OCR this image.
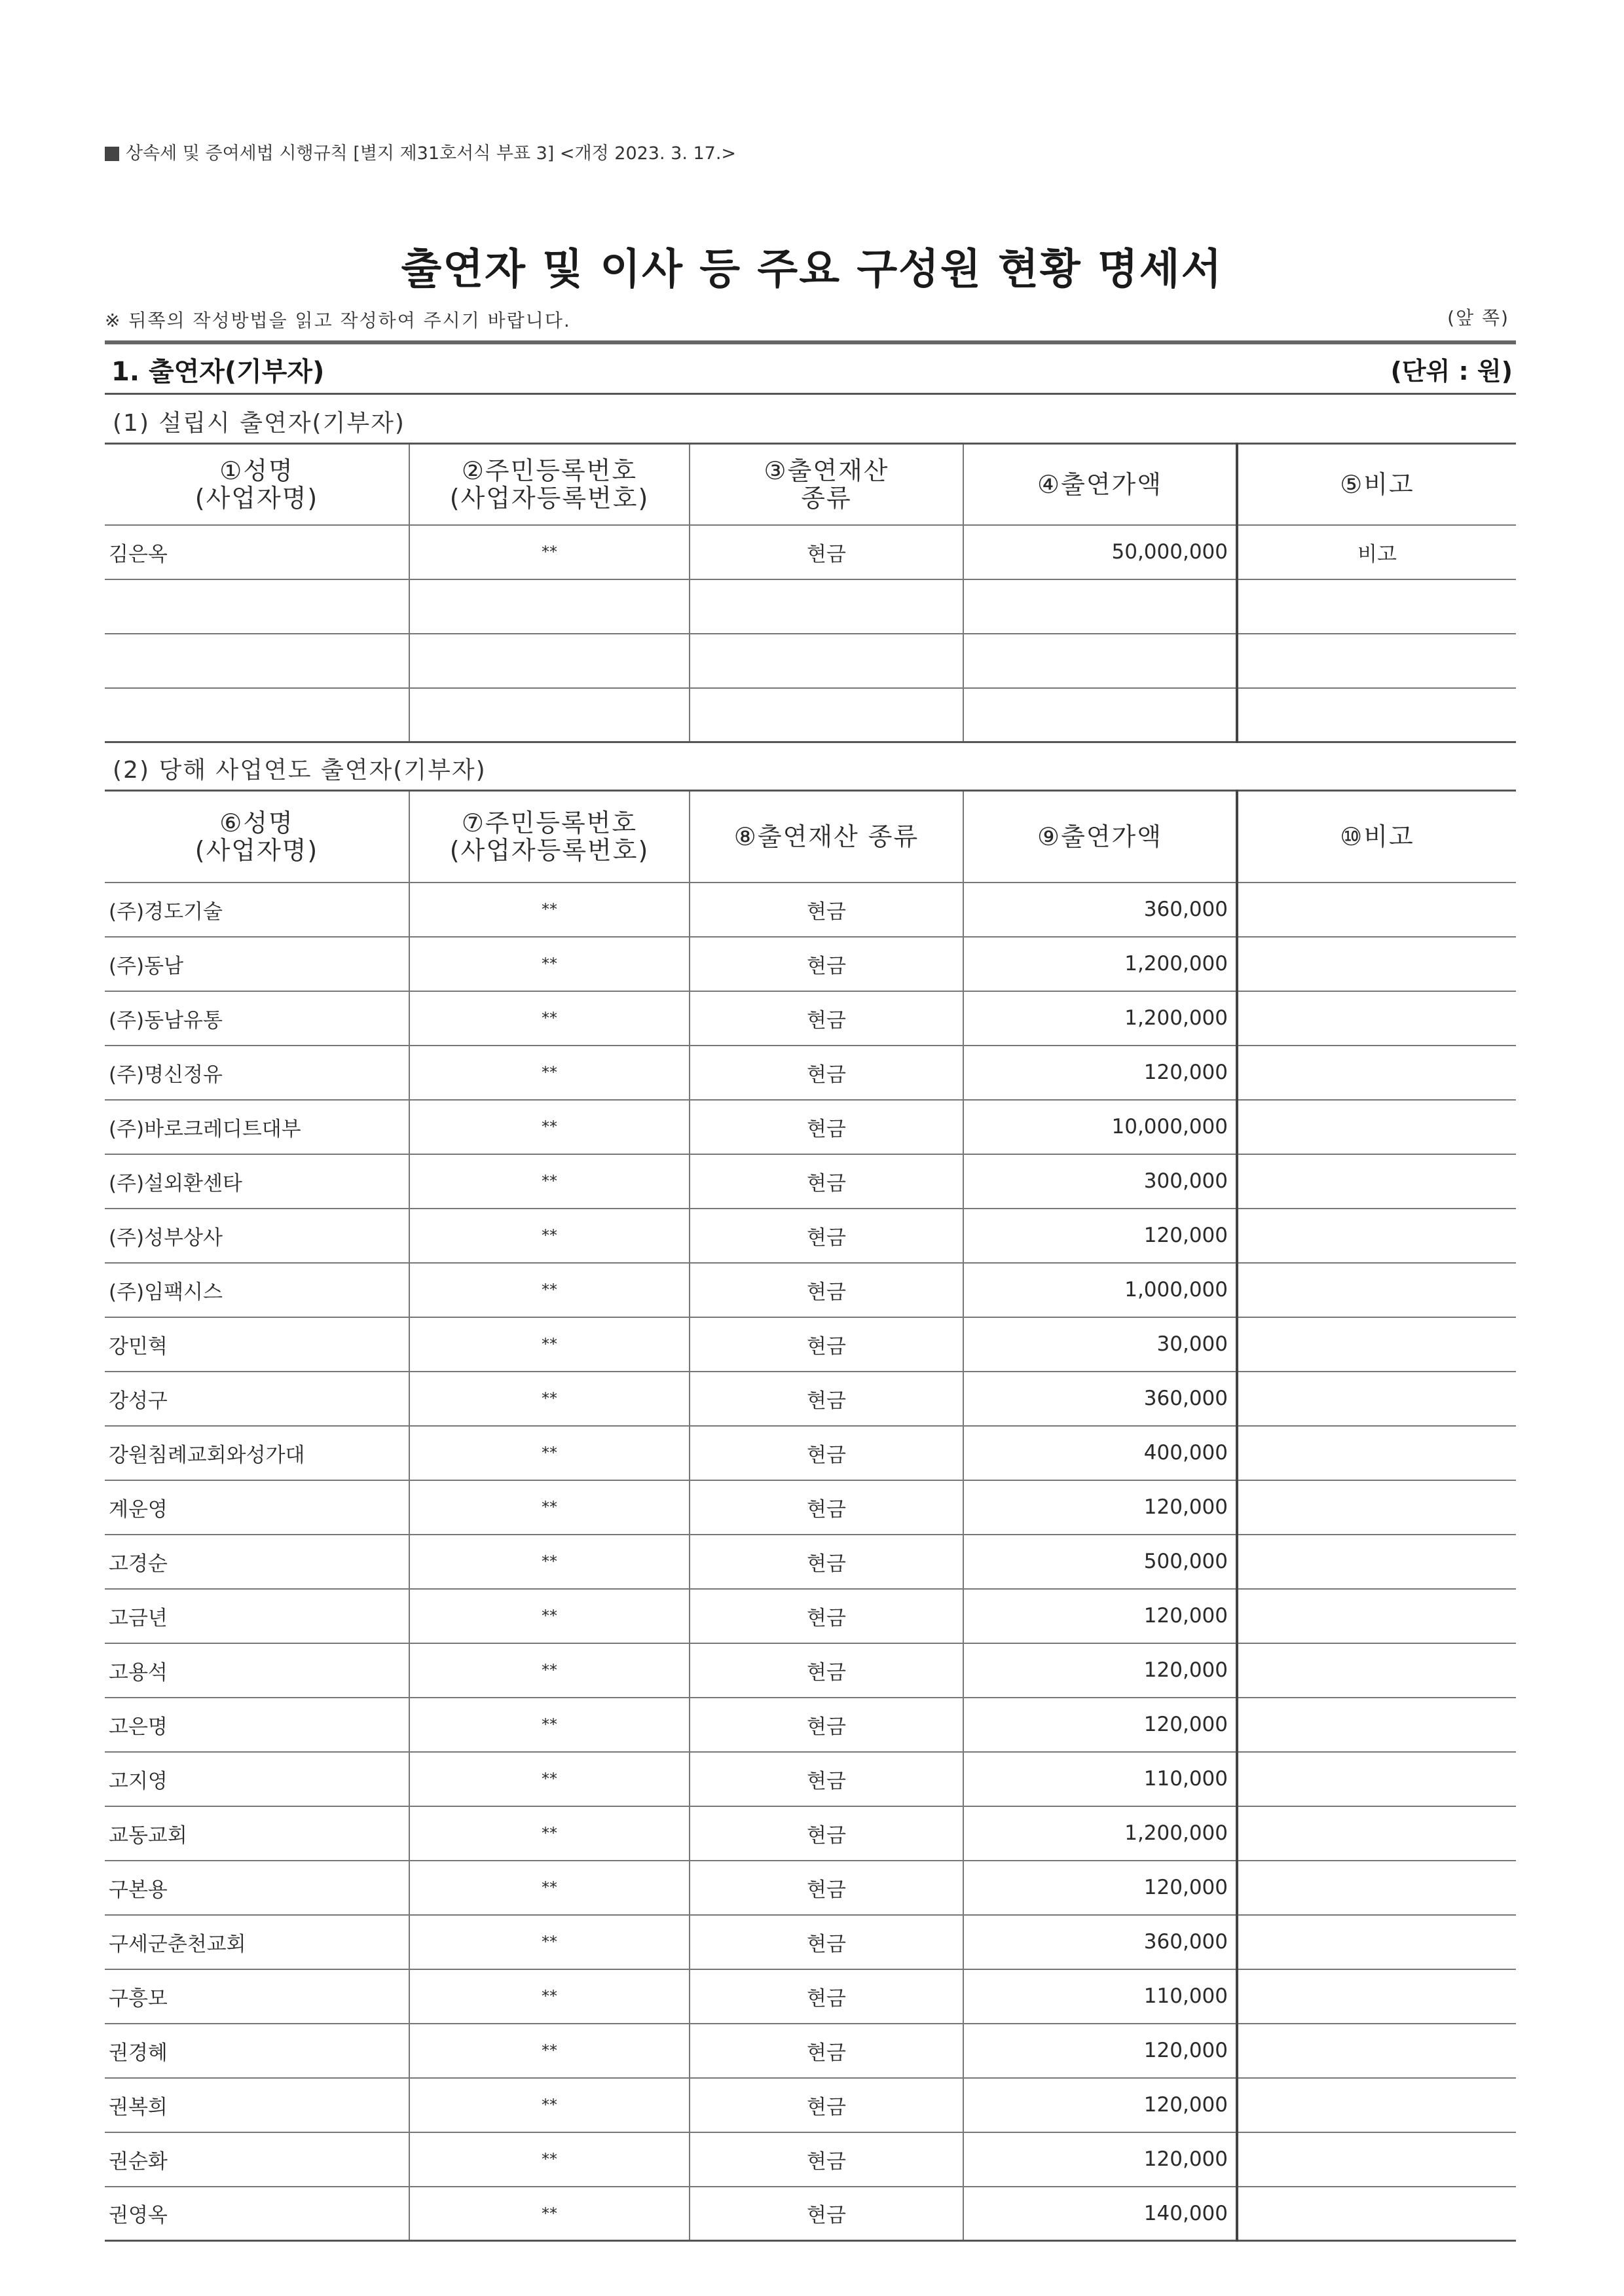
상속세 및 증여세법 시행규칙 [별지 제31호서식 부표 3] <개정 2023. 3. 17.>
출연자 및 이사 등 주요 구성원 현황 명세서
※ 뒤쪽의 작성방법을 읽고 작성하여 주시기 바랍니다.	(앞 쪽)
1. 출연자(기부자)	(단위 : 원)
(1) 설립시 출연자(기부자)
①성명
(사업자명)	②주민등록번호
(사업자등록번호)	③출연재산
종류	④출연가액	⑤비고

김은옥	**	현금	50,000,000	비고

(2) 당해 사업연도 출연자(기부자)
⑥성명
(사업자명)	⑦주민등록번호
(사업자등록번호)	⑧출연재산 종류	⑨출연가액	⑩비고

(주)경도기술	**	현금	360,000	
(주)동남	**	현금	1,200,000	
(주)동남유통	**	현금	1,200,000	
(주)명신정유	**	현금	120,000	
(주)바로크레디트대부	**	현금	10,000,000	
(주)설외환센타	**	현금	300,000	
(주)성부상사	**	현금	120,000	
(주)임팩시스	**	현금	1,000,000	
강민혁	**	현금	30,000	
강성구	**	현금	360,000	
강원침례교회와성가대	**	현금	400,000	
계운영	**	현금	120,000	
고경순	**	현금	500,000	
고금년	**	현금	120,000	
고용석	**	현금	120,000	
고은명	**	현금	120,000	
고지영	**	현금	110,000	
교동교회	**	현금	1,200,000	
구본용	**	현금	120,000	
구세군춘천교회	**	현금	360,000	
구흥모	**	현금	110,000	
권경혜	**	현금	120,000	
권복희	**	현금	120,000	
권순화	**	현금	120,000	
권영옥	**	현금	140,000	
